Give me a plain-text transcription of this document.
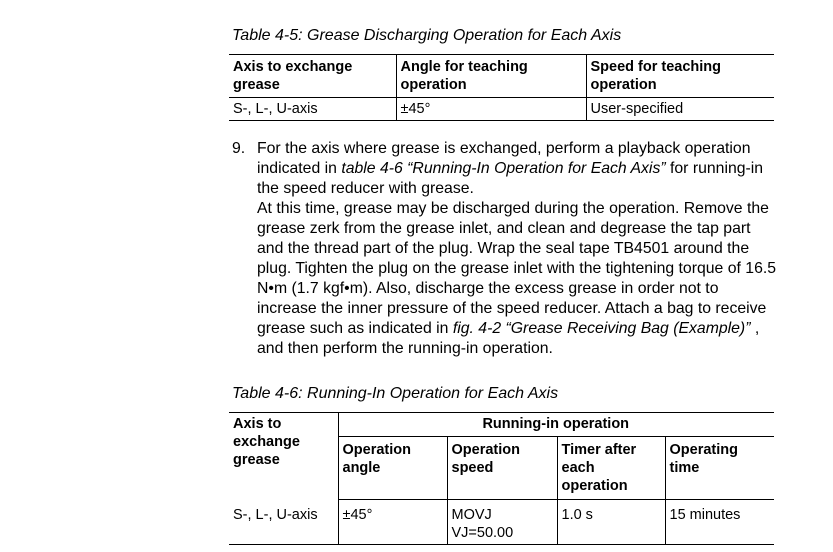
Table 4-5: Grease Discharging Operation for Each Axis
Axis to exchange grease	Angle for teaching operation	Speed for teaching operation
S-, L-, U-axis	±45°	User-specified
9. For the axis where grease is exchanged, perform a playback operation indicated in table 4-6 “Running-In Operation for Each Axis” for running-in the speed reducer with grease.
At this time, grease may be discharged during the operation. Remove the grease zerk from the grease inlet, and clean and degrease the tap part and the thread part of the plug. Wrap the seal tape TB4501 around the plug. Tighten the plug on the grease inlet with the tightening torque of 16.5 N•m (1.7 kgf•m). Also, discharge the excess grease in order not to increase the inner pressure of the speed reducer. Attach a bag to receive grease such as indicated in fig. 4-2 “Grease Receiving Bag (Example)” , and then perform the running-in operation.
Table 4-6: Running-In Operation for Each Axis
Axis to exchange grease	Running-in operation			
	Operation angle	Operation speed	Timer after each operation	Operating time
S-, L-, U-axis	±45°	MOVJ VJ=50.00	1.0 s	15 minutes
